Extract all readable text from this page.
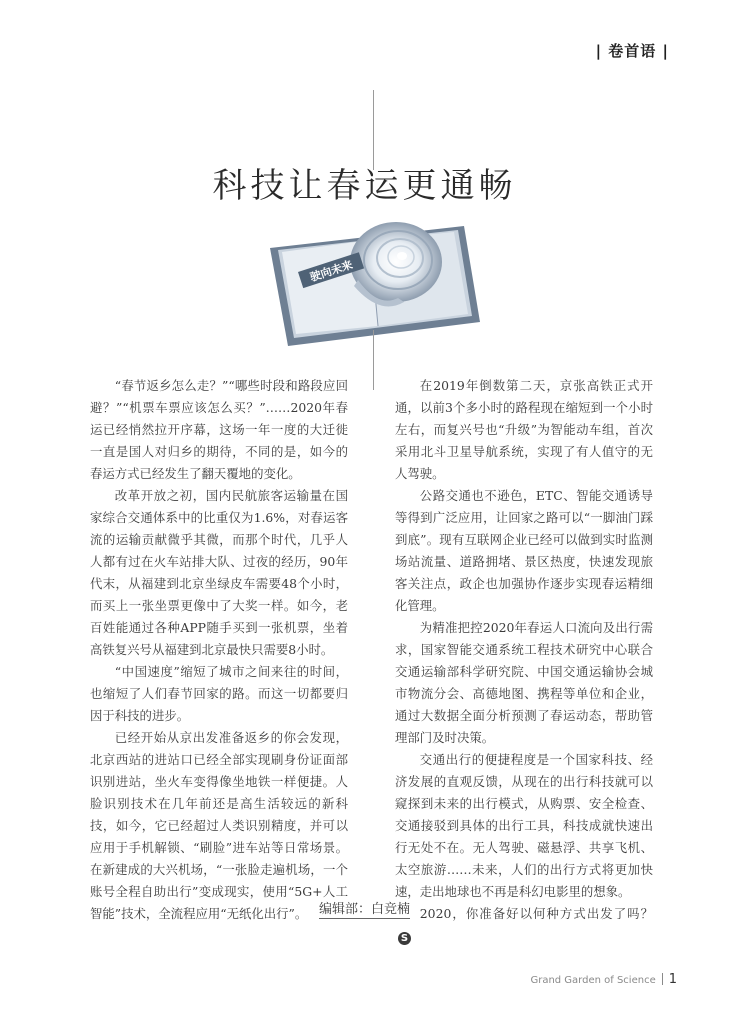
| 卷首语 |
科技让春运更通畅
驶向未来

“春节返乡怎么走？”“哪些时段和路段应回避？”“机票车票应该怎么买？”……2020年春运已经悄然拉开序幕，这场一年一度的大迁徙一直是国人对归乡的期待，不同的是，如今的春运方式已经发生了翻天覆地的变化。

改革开放之初，国内民航旅客运输量在国家综合交通体系中的比重仅为1.6%，对春运客流的运输贡献微乎其微，而那个时代，几乎人人都有过在火车站排大队、过夜的经历，90年代末，从福建到北京坐绿皮车需要48个小时，而买上一张坐票更像中了大奖一样。如今，老百姓能通过各种APP随手买到一张机票，坐着高铁复兴号从福建到北京最快只需要8小时。

“中国速度”缩短了城市之间来往的时间，也缩短了人们春节回家的路。而这一切都要归因于科技的进步。

已经开始从京出发准备返乡的你会发现，北京西站的进站口已经全部实现刷身份证面部识别进站，坐火车变得像坐地铁一样便捷。人脸识别技术在几年前还是高生活较远的新科技，如今，它已经超过人类识别精度，并可以应用于手机解锁、“刷脸”进车站等日常场景。在新建成的大兴机场，“一张脸走遍机场，一个账号全程自助出行”变成现实，使用“5G+人工智能”技术，全流程应用“无纸化出行”。

在2019年倒数第二天，京张高铁正式开通，以前3个多小时的路程现在缩短到一个小时左右，而复兴号也“升级”为智能动车组，首次采用北斗卫星导航系统，实现了有人值守的无人驾驶。

公路交通也不逊色，ETC、智能交通诱导等得到广泛应用，让回家之路可以“一脚油门踩到底”。现有互联网企业已经可以做到实时监测场站流量、道路拥堵、景区热度，快速发现旅客关注点，政企也加强协作逐步实现春运精细化管理。

为精准把控2020年春运人口流向及出行需求，国家智能交通系统工程技术研究中心联合交通运输部科学研究院、中国交通运输协会城市物流分会、高德地图、携程等单位和企业，通过大数据全面分析预测了春运动态，帮助管理部门及时决策。

交通出行的便捷程度是一个国家科技、经济发展的直观反馈，从现在的出行科技就可以窥探到未来的出行模式，从购票、安全检查、交通接驳到具体的出行工具，科技成就快速出行无处不在。无人驾驶、磁悬浮、共享飞机、太空旅游……未来，人们的出行方式将更加快速，走出地球也不再是科幻电影里的想象。

2020，你准备好以何种方式出发了吗？S

编辑部：白竞楠
Grand Garden of Science 1
